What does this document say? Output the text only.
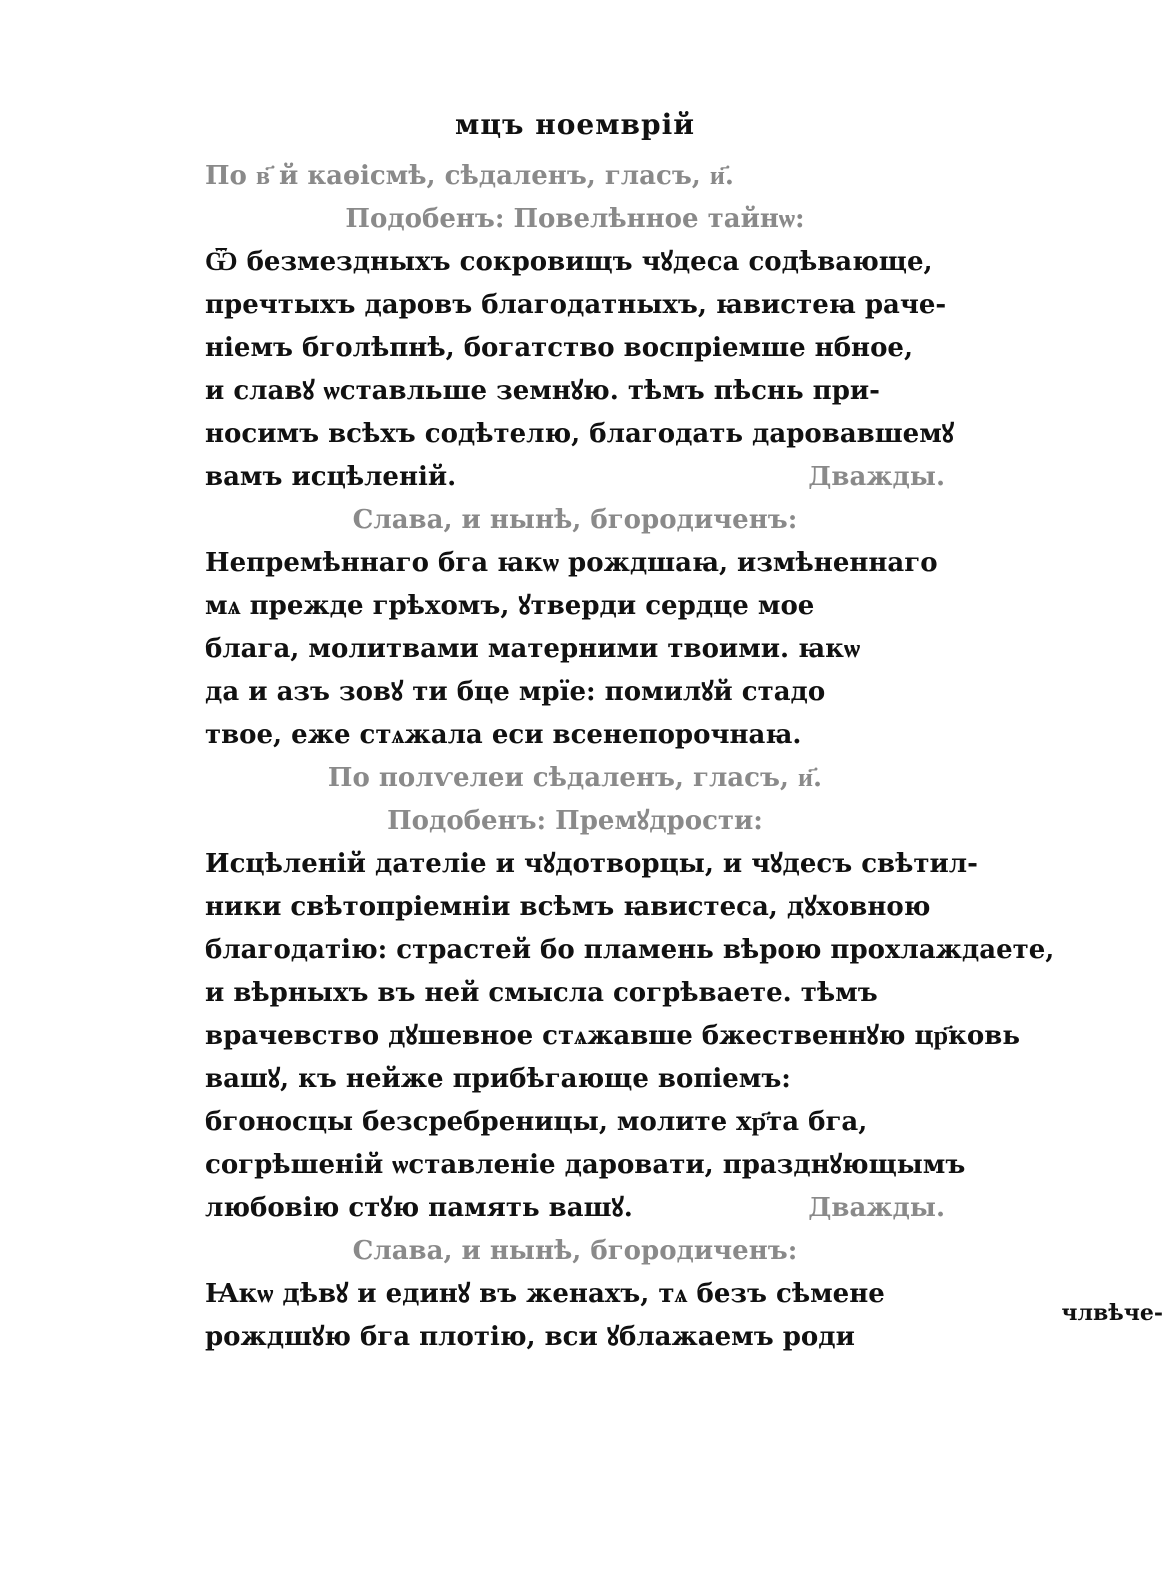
мцъ ноемврій
По в҃ й каѳісмѣ, сѣдаленъ, гласъ, и҃.
Подобенъ: Повелѣнное тайнѡ:
Ѿ безмездныхъ сокровищъ чꙋдеса содѣвающе,
пречтыхъ даровъ благодатныхъ, ꙗвистеꙗ раче-
ніемъ бголѣпнѣ, богатство воспріемше нбное,
и славꙋ ѡставльше земнꙋю. тѣмъ пѣснь при-
носимъ всѣхъ содѣтелю, благодать даровавшемꙋ
вамъ исцѣленій.	Дважды.
Слава, и нынѣ, бгородиченъ:
Непремѣннаго бга ꙗкѡ рождшаꙗ, измѣненнаго
мѧ прежде грѣхомъ, ꙋтверди сердце мое
блага, молитвами матерними твоими. ꙗкѡ
да и азъ зовꙋ ти бце мрїе: помилꙋй стадо
твое, еже стѧжала еси всенепорочнаꙗ.
По полѵелеи сѣдаленъ, гласъ, и҃.
Подобенъ: Премꙋдрости:
Исцѣленій дателіе и чꙋдотворцы, и чꙋдесъ свѣтил-
ники свѣтопріемніи всѣмъ ꙗвистеса, дꙋховною
благодатію: страстей бо пламень вѣрою прохлаждаете,
и вѣрныхъ въ ней смысла согрѣваете. тѣмъ
врачевство дꙋшевное стѧжавше бжественнꙋю цр҃ковь
вашꙋ, къ нейже прибѣгающе вопіемъ:
бгоносцы безсребреницы, молите хр҃та бга,
согрѣшеній ѡставленіе даровати, празднꙋющымъ
любовію стꙋю память вашꙋ.	Дважды.
Слава, и нынѣ, бгородиченъ:
Ꙗкѡ дѣвꙋ и единꙋ въ женахъ, тѧ безъ сѣмене
рождшꙋю бга плотію, вси ꙋблажаемъ роди
члвѣче-
